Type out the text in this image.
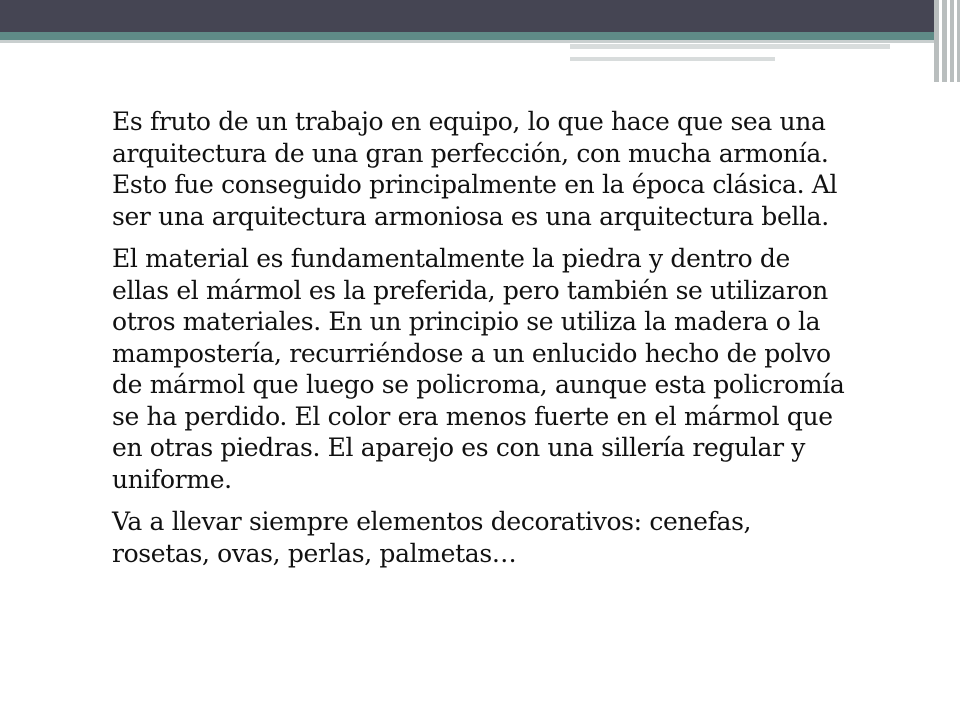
Es fruto de un trabajo en equipo, lo que hace que sea una arquitectura de una gran perfección, con mucha armonía. Esto fue conseguido principalmente en la época clásica. Al ser una arquitectura armoniosa es una arquitectura bella.

El material es fundamentalmente la piedra y dentro de ellas el mármol es la preferida, pero también se utilizaron otros materiales. En un principio se utiliza la madera o la mampostería, recurriéndose a un enlucido hecho de polvo de mármol que luego se policroma, aunque esta policromía se ha perdido. El color era menos fuerte en el mármol que en otras piedras. El aparejo es con una sillería regular y uniforme.

Va a llevar siempre elementos decorativos: cenefas, rosetas, ovas, perlas, palmetas…
